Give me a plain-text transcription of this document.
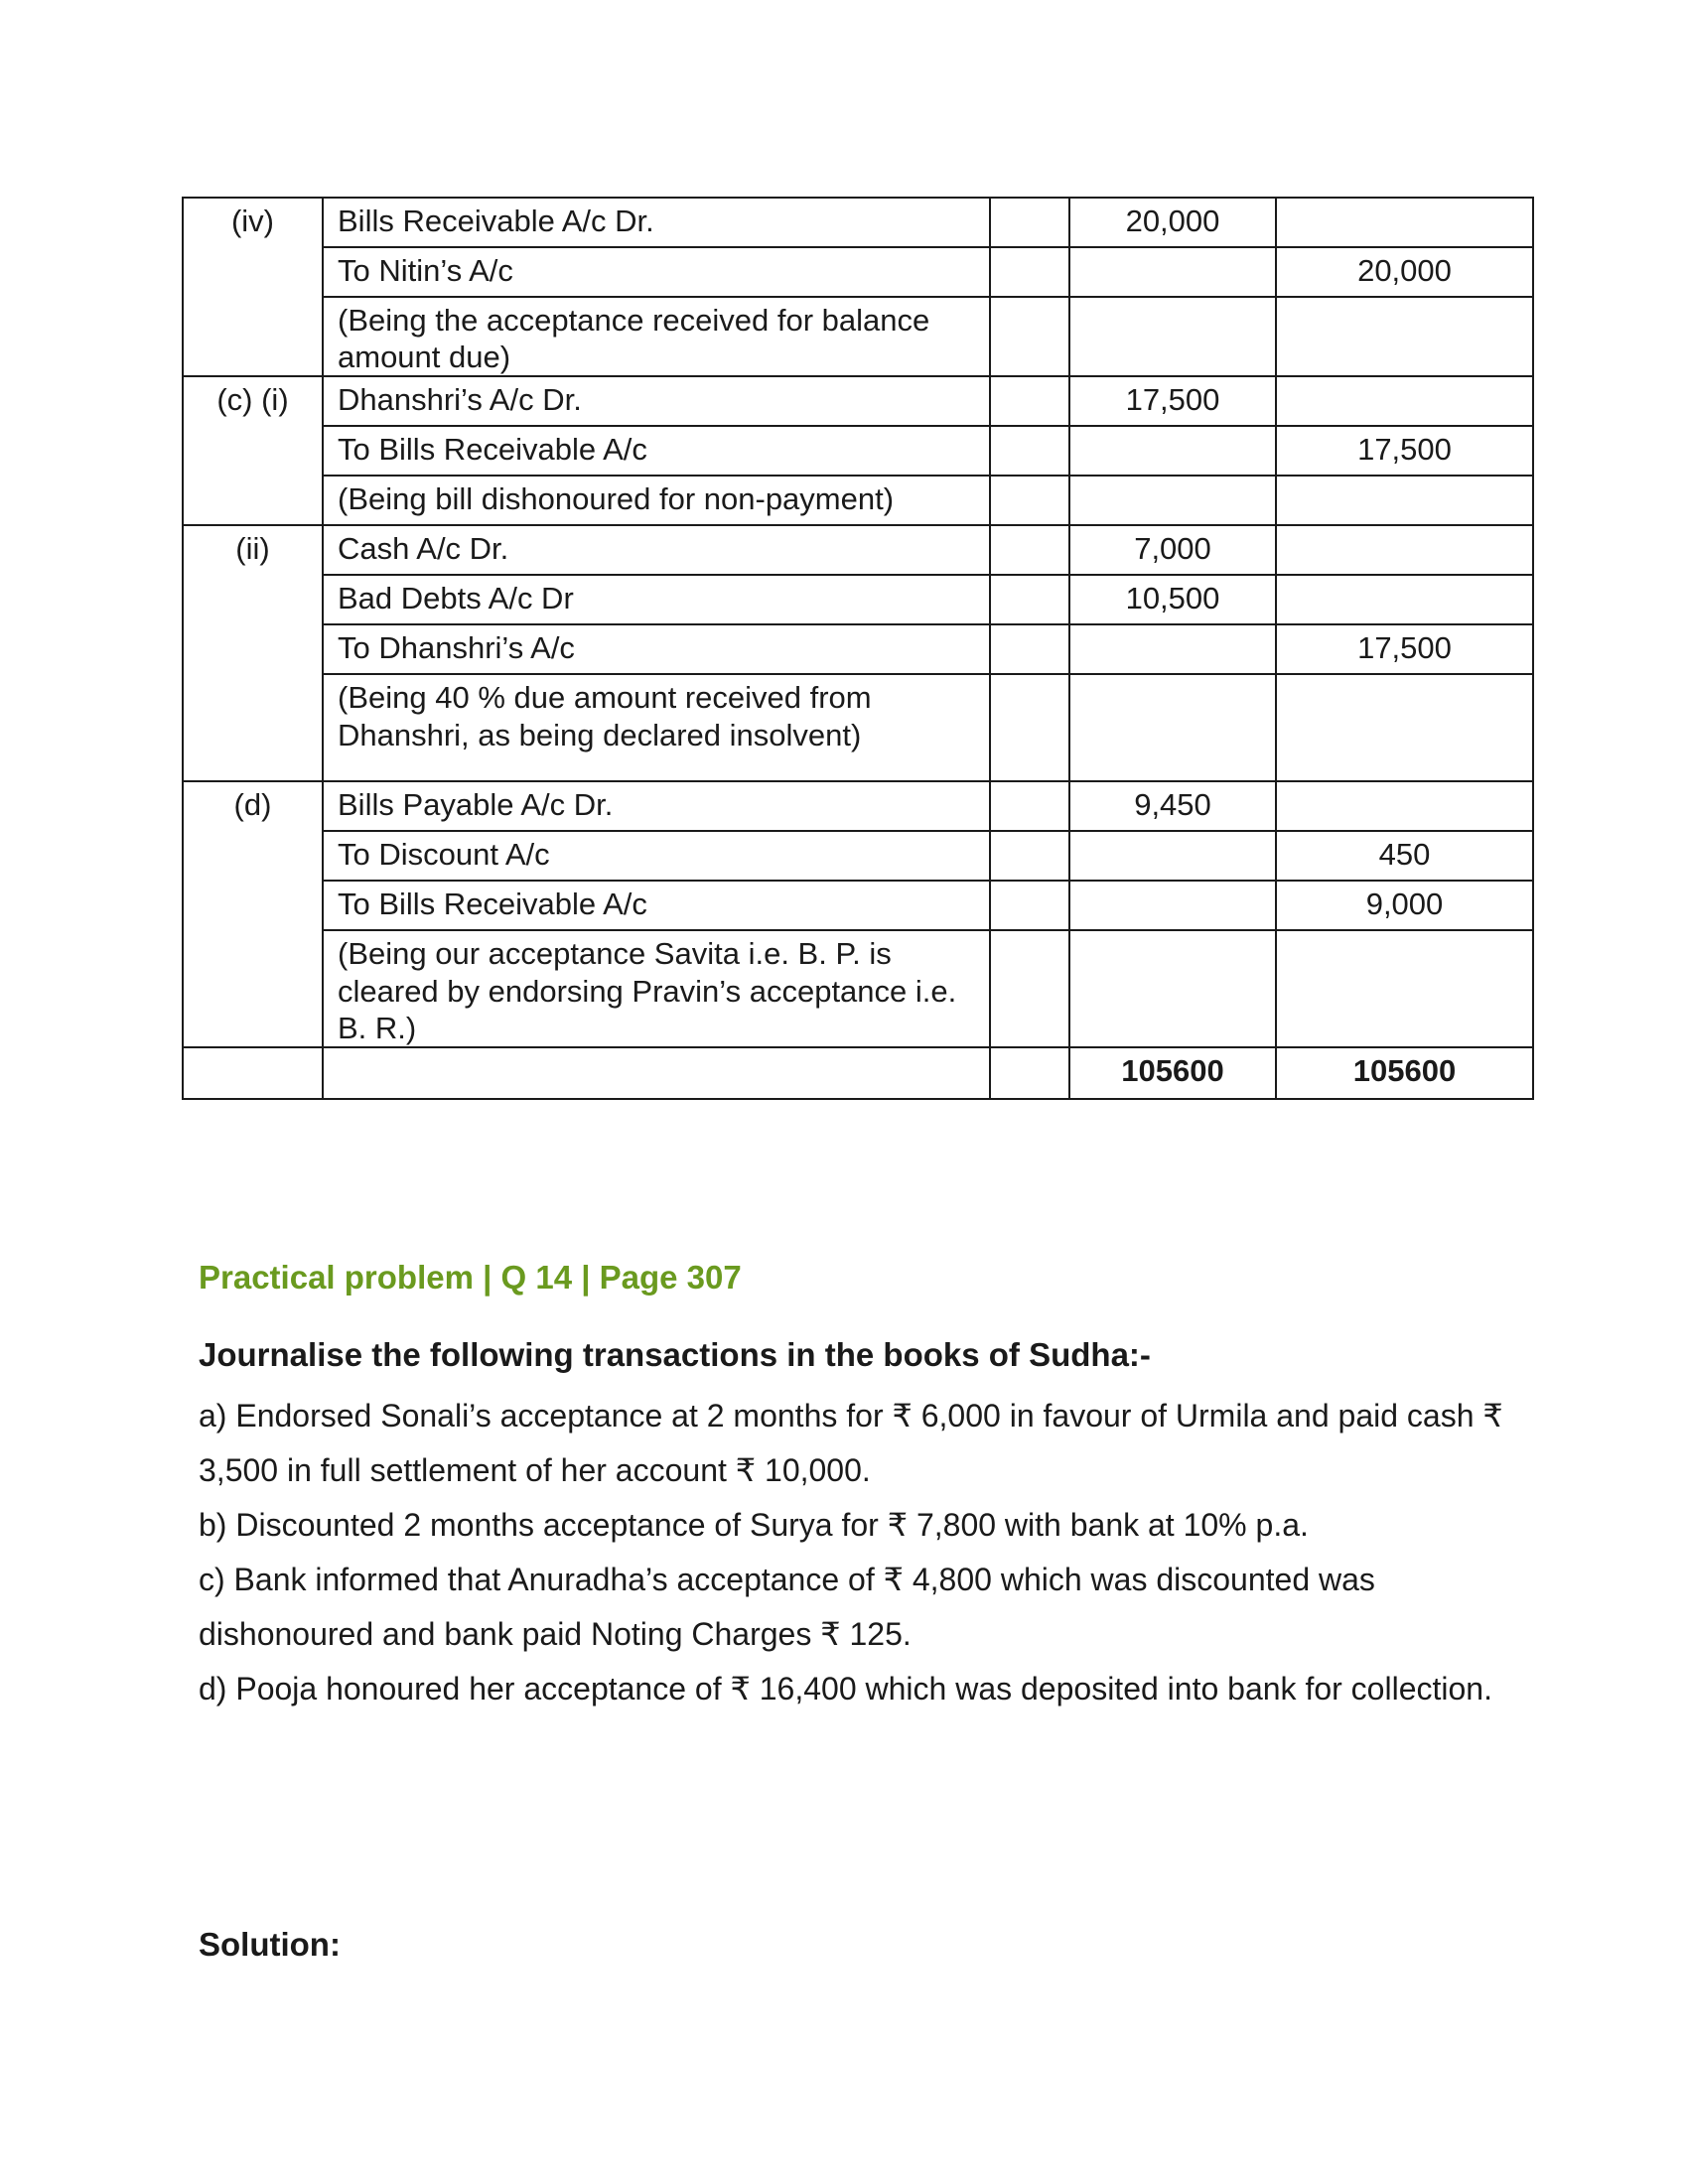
(iv)	Bills Receivable A/c Dr.		20,000	
	To Nitin’s A/c			20,000
	(Being the acceptance received for balance amount due)			
(c) (i)	Dhanshri’s A/c Dr.		17,500	
	To Bills Receivable A/c			17,500
	(Being bill dishonoured for non-payment)			
(ii)	Cash A/c Dr.		7,000	
	Bad Debts A/c Dr		10,500	
	To Dhanshri’s A/c			17,500
	(Being 40 % due amount received from Dhanshri, as being declared insolvent)			
(d)	Bills Payable A/c Dr.		9,450	
	To Discount A/c			450
	To Bills Receivable A/c			9,000
	(Being our acceptance Savita i.e. B. P. is cleared by endorsing Pravin’s acceptance i.e. B. R.)			
			105600	105600

Practical problem | Q 14 | Page 307

Journalise the following transactions in the books of Sudha:-

a) Endorsed Sonali’s acceptance at 2 months for ₹ 6,000 in favour of Urmila and paid cash ₹ 3,500 in full settlement of her account ₹ 10,000.
b) Discounted 2 months acceptance of Surya for ₹ 7,800 with bank at 10% p.a.
c) Bank informed that Anuradha’s acceptance of ₹ 4,800 which was discounted was dishonoured and bank paid Noting Charges ₹ 125.
d) Pooja honoured her acceptance of ₹ 16,400 which was deposited into bank for collection.

Solution:
